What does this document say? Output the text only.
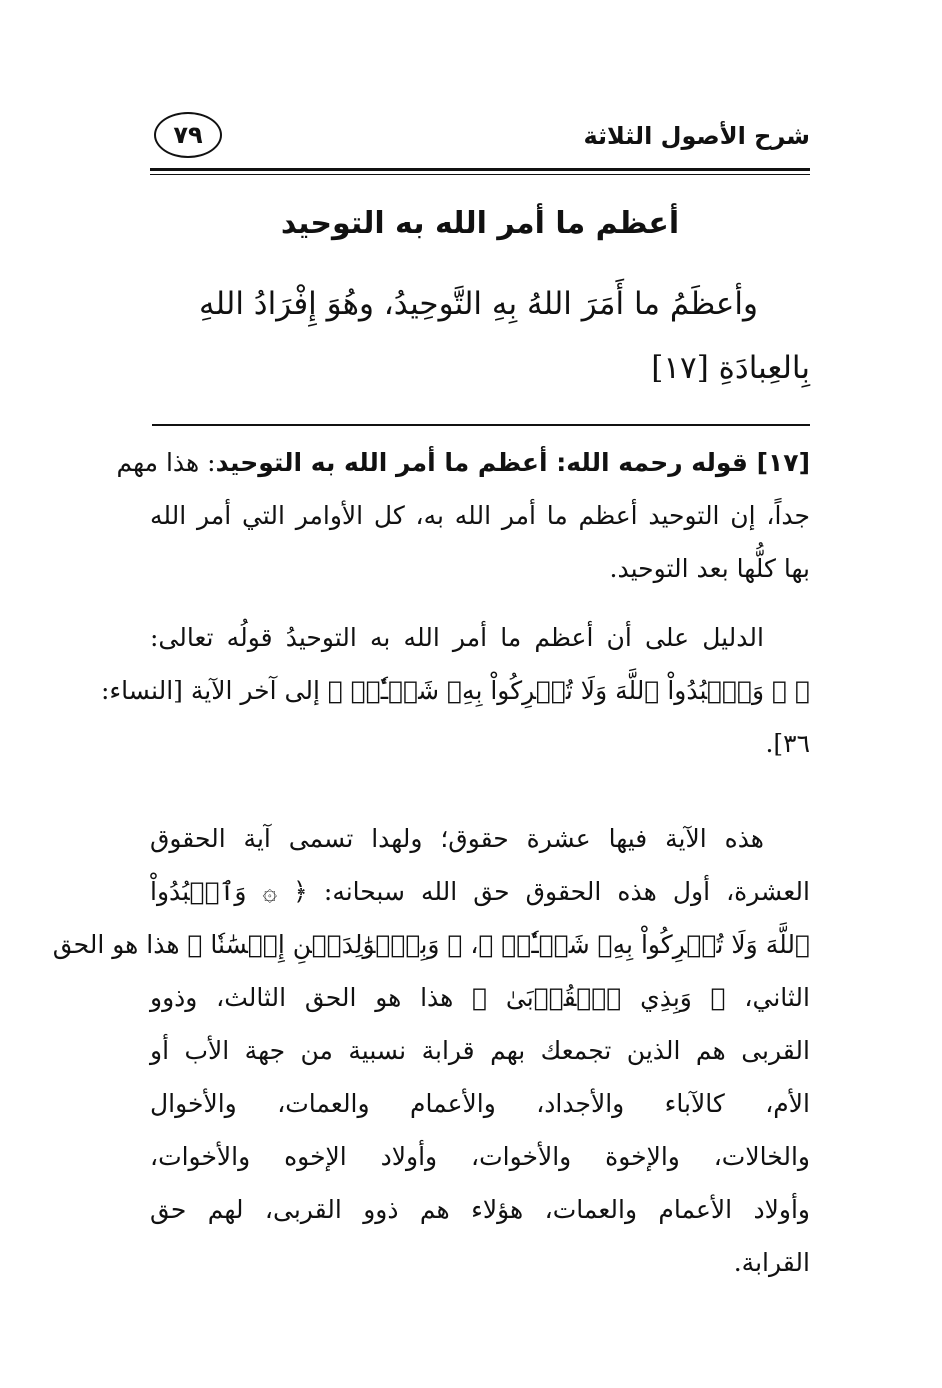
شرح الأصول الثلاثة
٧٩
أعظم ما أمر الله به التوحيد
وأعظَمُ ما أَمَرَ اللهُ بِهِ التَّوحِيدُ، وهُوَ إِفْرَادُ اللهِ
بِالعِبادَةِ [١٧]
[١٧] قوله رحمه الله: أعظم ما أمر الله به التوحيد: هذا مهم
جداً، إن التوحيد أعظم ما أمر الله به، كل الأوامر التي أمر الله
بها كلُّها بعد التوحيد.
الدليل على أن أعظم ما أمر الله به التوحيدُ قولُه تعالى:
﴿ ۞ وَٱعۡبُدُواْ ٱللَّهَ وَلَا تُشۡرِكُواْ بِهِۦ شَيۡـٔٗاۖ ﴾ إلى آخر الآية [النساء:
٣٦].
هذه الآية فيها عشرة حقوق؛ ولهدا تسمى آية الحقوق
العشرة، أول هذه الحقوق حق الله سبحانه: ﴿ ۞ وَٱعۡبُدُواْ
ٱللَّهَ وَلَا تُشۡرِكُواْ بِهِۦ شَيۡـٔٗاۖ ﴾، ﴿ وَبِٱلۡوَٰلِدَيۡنِ إِحۡسَٰنٗا ﴾ هذا هو الحق
الثاني، ﴿ وَبِذِي ٱلۡقُرۡبَىٰ ﴾ هذا هو الحق الثالث، وذوو
القربى هم الذين تجمعك بهم قرابة نسبية من جهة الأب أو
الأم، كالآباء والأجداد، والأعمام والعمات، والأخوال
والخالات، والإخوة والأخوات، وأولاد الإخوه والأخوات،
وأولاد الأعمام والعمات، هؤلاء هم ذوو القربى، لهم حق
القرابة.
